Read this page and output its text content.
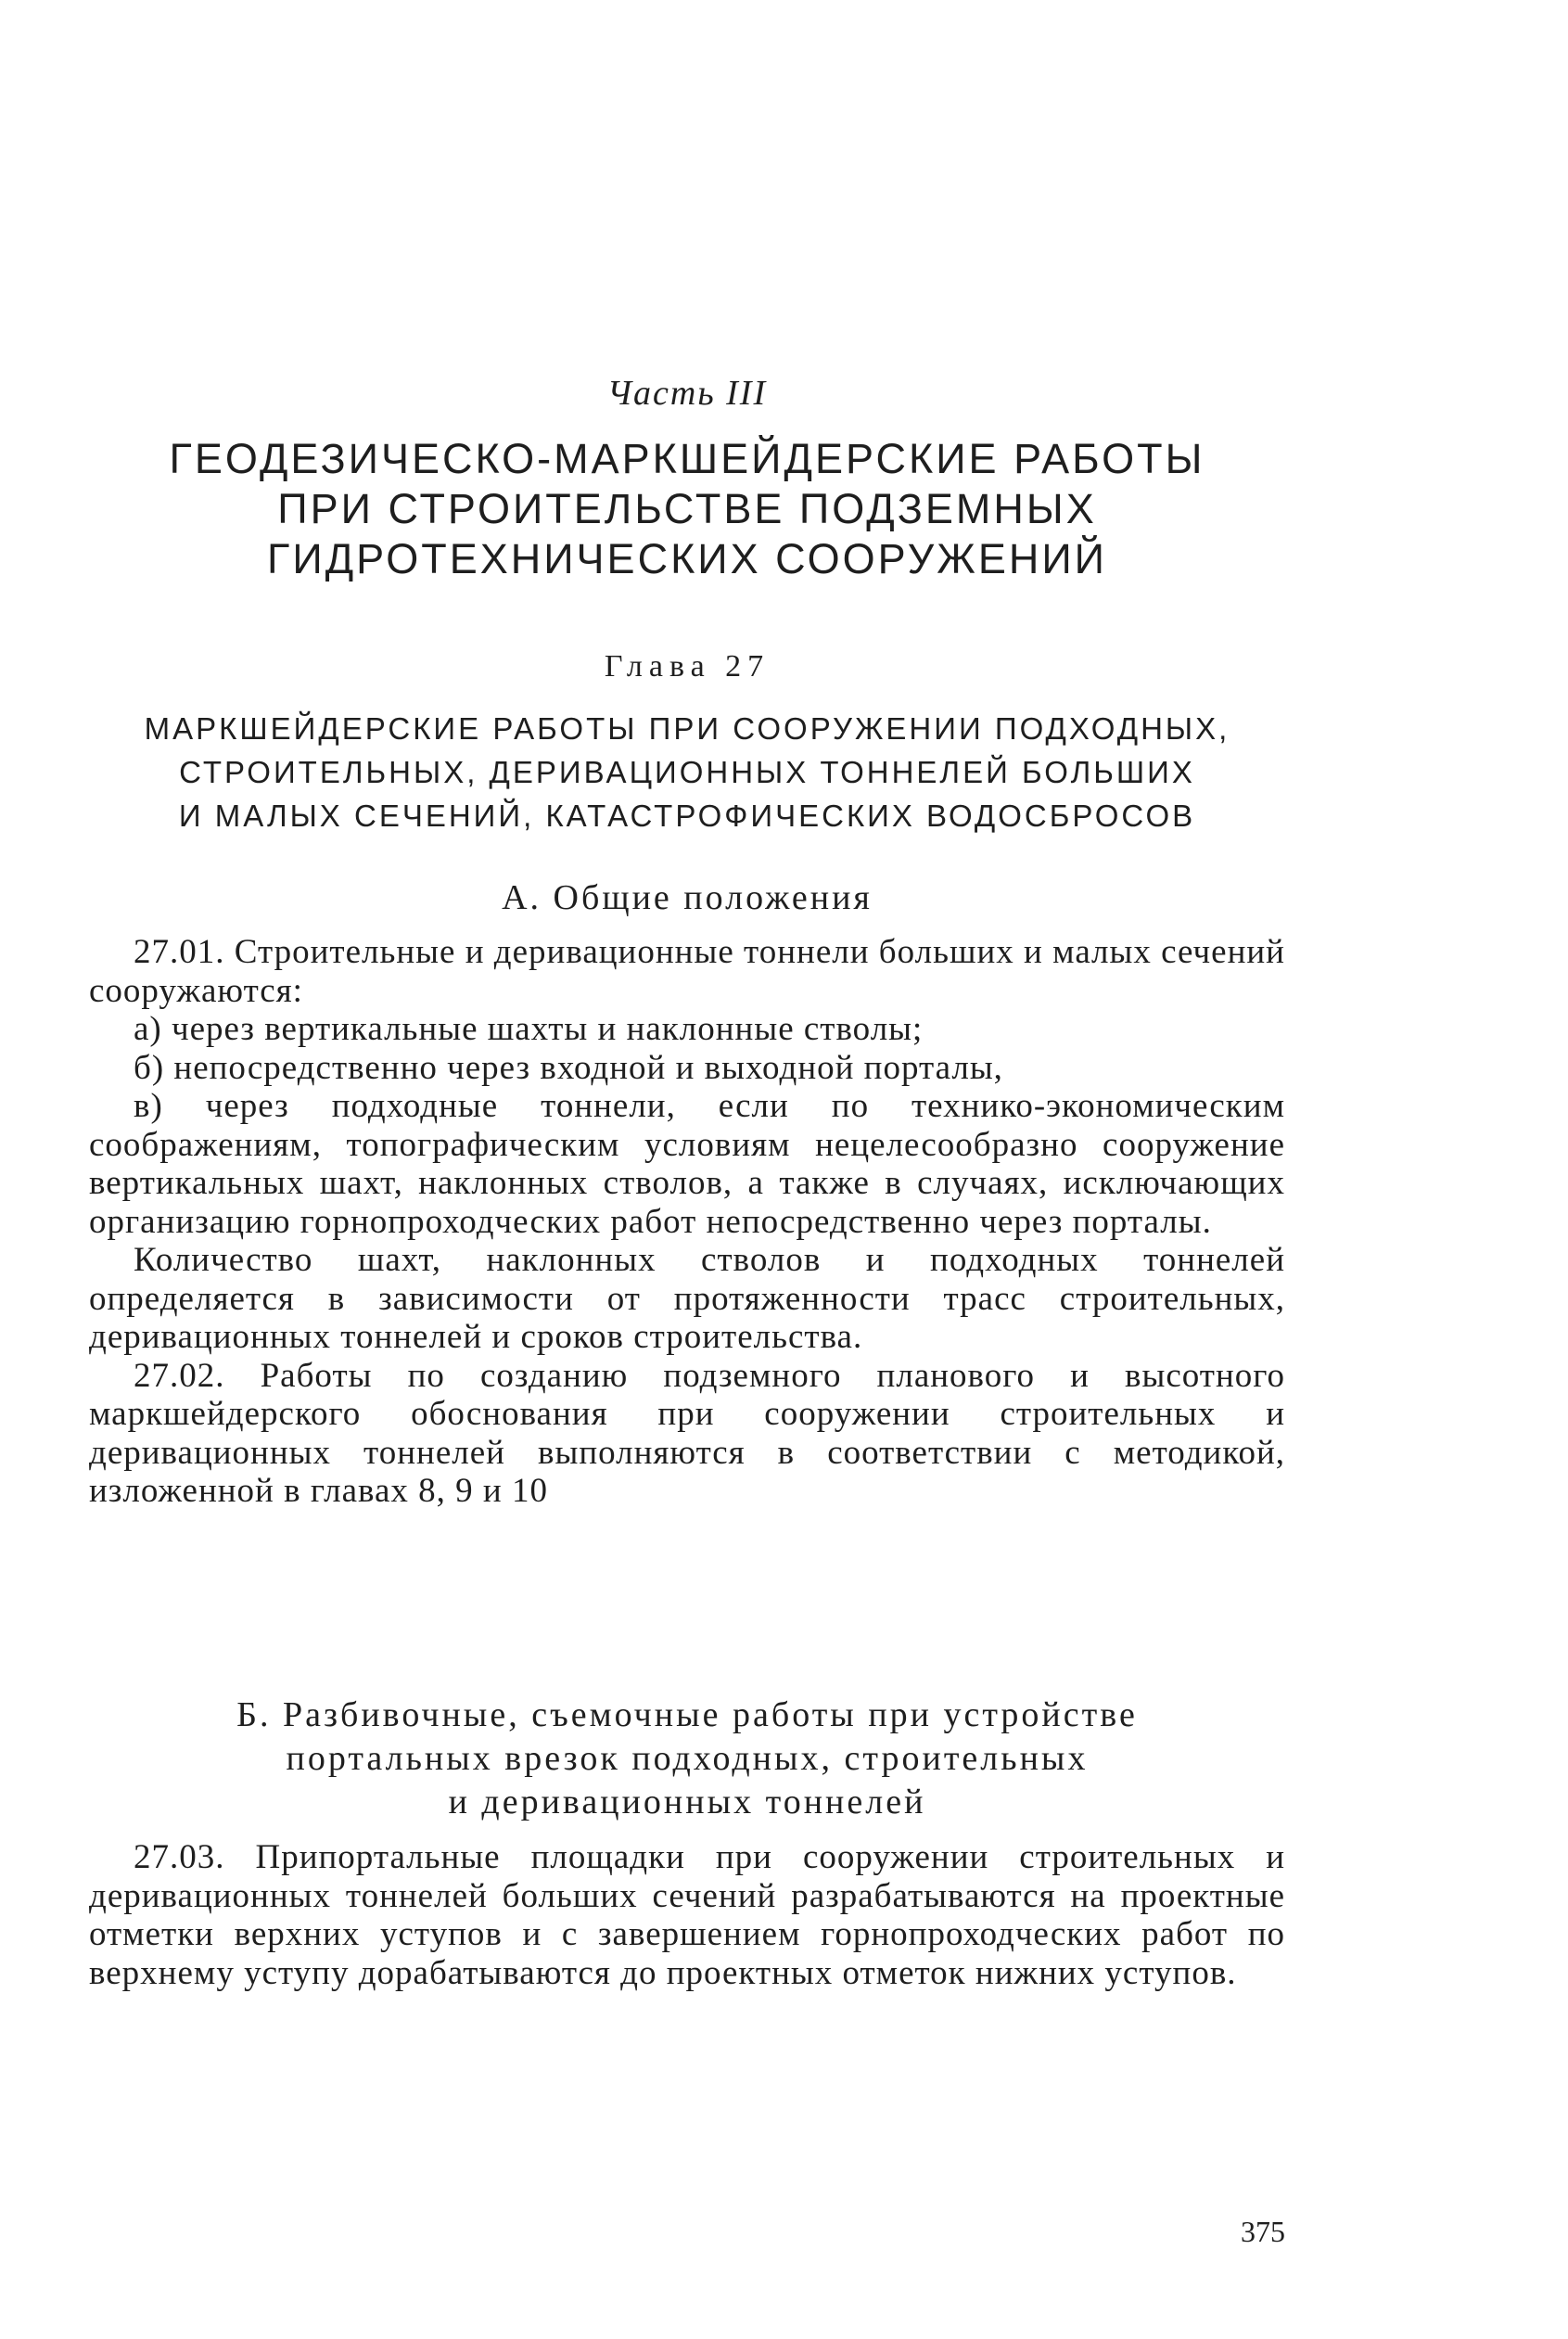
Часть III
ГЕОДЕЗИЧЕСКО-МАРКШЕЙДЕРСКИЕ РАБОТЫ
ПРИ СТРОИТЕЛЬСТВЕ ПОДЗЕМНЫХ
ГИДРОТЕХНИЧЕСКИХ СООРУЖЕНИЙ
Глава 27
МАРКШЕЙДЕРСКИЕ РАБОТЫ ПРИ СООРУЖЕНИИ ПОДХОДНЫХ,
СТРОИТЕЛЬНЫХ, ДЕРИВАЦИОННЫХ ТОННЕЛЕЙ БОЛЬШИХ
И МАЛЫХ СЕЧЕНИЙ, КАТАСТРОФИЧЕСКИХ ВОДОСБРОСОВ
А. Общие положения

27.01. Строительные и деривационные тоннели больших и малых сечений сооружаются:

а) через вертикальные шахты и наклонные стволы;

б) непосредственно через входной и выходной порталы,

в) через подходные тоннели, если по технико-экономическим соображениям, топографическим условиям нецелесообразно сооружение вертикальных шахт, наклонных стволов, а также в случаях, исключающих организацию горнопроходческих работ непосредственно через порталы.

Количество шахт, наклонных стволов и подходных тоннелей определяется в зависимости от протяженности трасс строительных, деривационных тоннелей и сроков строительства.

27.02. Работы по созданию подземного планового и высотного маркшейдерского обоснования при сооружении строительных и деривационных тоннелей выполняются в соответствии с методикой, изложенной в главах 8, 9 и 10

Б. Разбивочные, съемочные работы при устройстве
портальных врезок подходных, строительных
и деривационных тоннелей

27.03. Припортальные площадки при сооружении строительных и деривационных тоннелей больших сечений разрабатываются на проектные отметки верхних уступов и с завершением горнопроходческих работ по верхнему уступу дорабатываются до проектных отметок нижних уступов.

375
